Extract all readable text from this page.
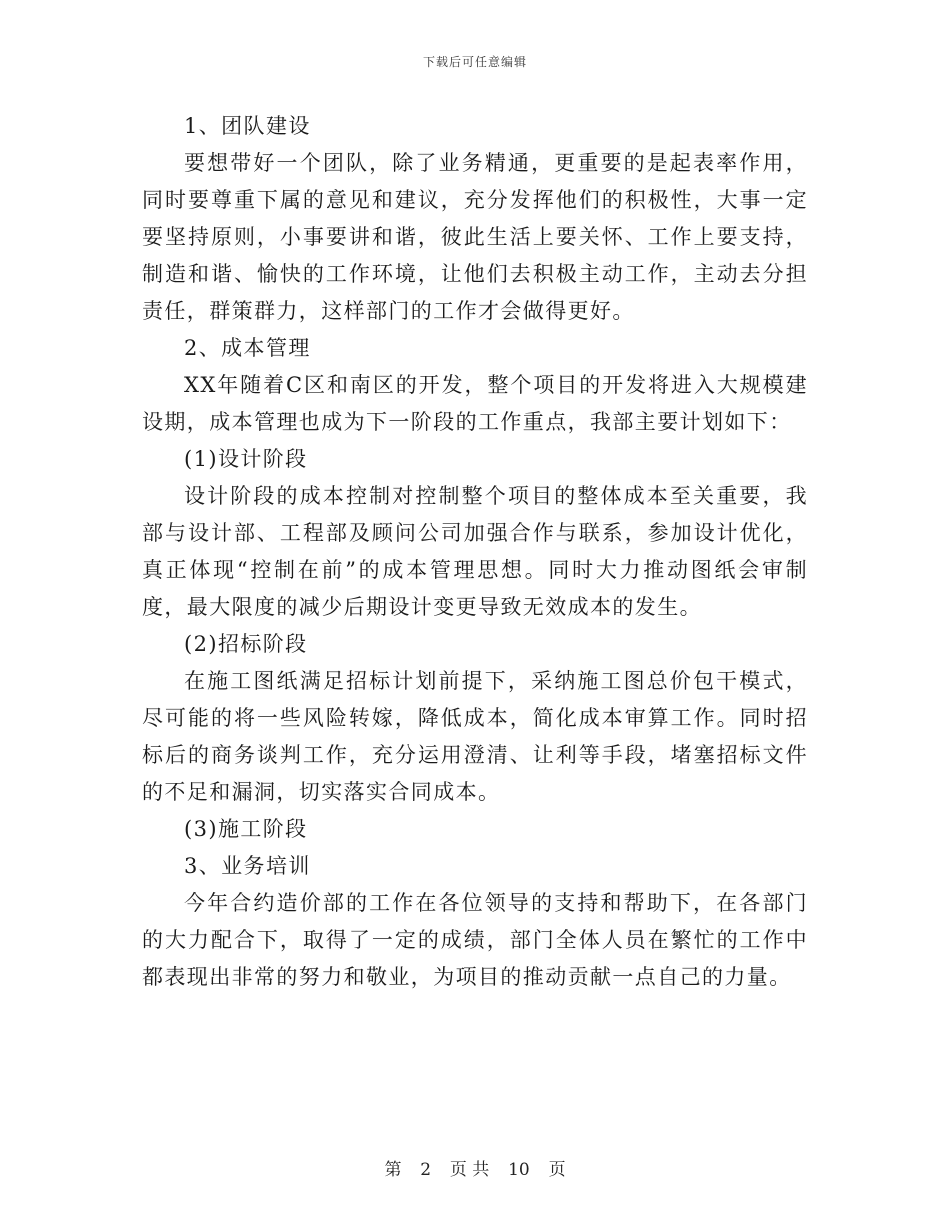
下载后可任意编辑

1、团队建设

要想带好一个团队，除了业务精通，更重要的是起表率作用，同时要尊重下属的意见和建议，充分发挥他们的积极性，大事一定要坚持原则，小事要讲和谐，彼此生活上要关怀、工作上要支持，制造和谐、愉快的工作环境，让他们去积极主动工作，主动去分担责任，群策群力，这样部门的工作才会做得更好。

2、成本管理

XX年随着C区和南区的开发，整个项目的开发将进入大规模建设期，成本管理也成为下一阶段的工作重点，我部主要计划如下：

(1)设计阶段

设计阶段的成本控制对控制整个项目的整体成本至关重要，我部与设计部、工程部及顾问公司加强合作与联系，参加设计优化，真正体现“控制在前”的成本管理思想。同时大力推动图纸会审制度，最大限度的减少后期设计变更导致无效成本的发生。

(2)招标阶段

在施工图纸满足招标计划前提下，采纳施工图总价包干模式，尽可能的将一些风险转嫁，降低成本，简化成本审算工作。同时招标后的商务谈判工作，充分运用澄清、让利等手段，堵塞招标文件的不足和漏洞，切实落实合同成本。

(3)施工阶段

3、业务培训

今年合约造价部的工作在各位领导的支持和帮助下，在各部门的大力配合下，取得了一定的成绩，部门全体人员在繁忙的工作中都表现出非常的努力和敬业，为项目的推动贡献一点自己的力量。

第 2 页 共 10 页
